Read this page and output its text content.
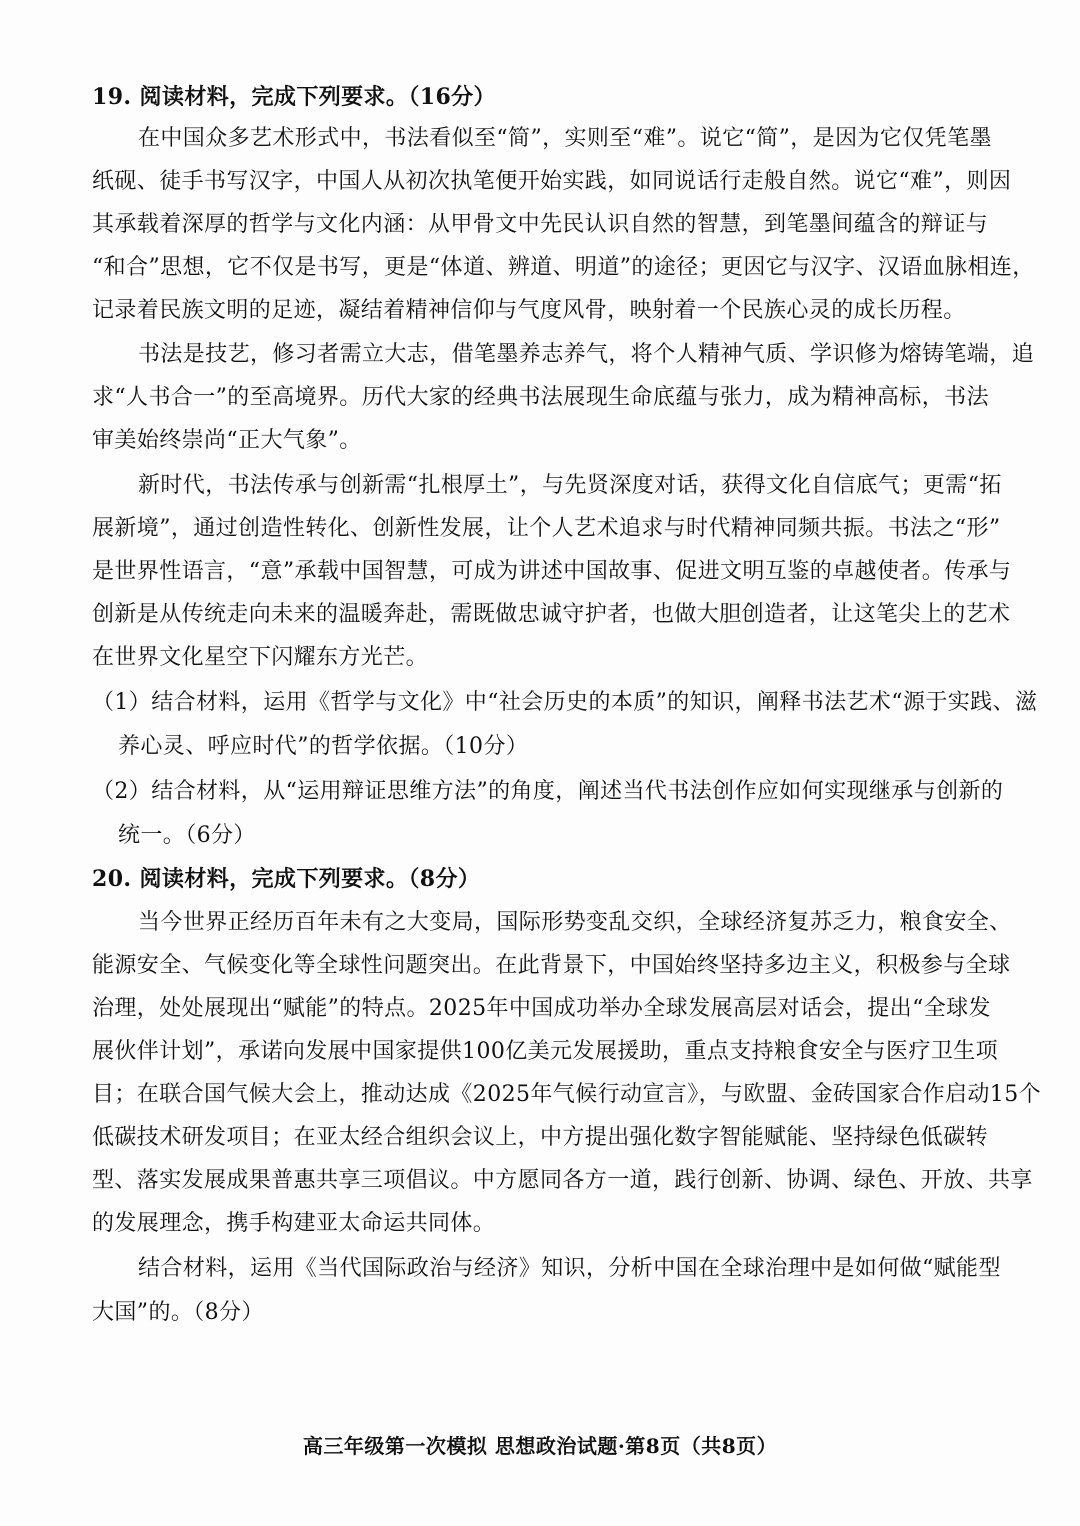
19. 阅读材料，完成下列要求。（16分）
在中国众多艺术形式中，书法看似至“简”，实则至“难”。说它“简”，是因为它仅凭笔墨
纸砚、徒手书写汉字，中国人从初次执笔便开始实践，如同说话行走般自然。说它“难”，则因
其承载着深厚的哲学与文化内涵：从甲骨文中先民认识自然的智慧，到笔墨间蕴含的辩证与
“和合”思想，它不仅是书写，更是“体道、辨道、明道”的途径；更因它与汉字、汉语血脉相连，
记录着民族文明的足迹，凝结着精神信仰与气度风骨，映射着一个民族心灵的成长历程。
书法是技艺，修习者需立大志，借笔墨养志养气，将个人精神气质、学识修为熔铸笔端，追
求“人书合一”的至高境界。历代大家的经典书法展现生命底蕴与张力，成为精神高标，书法
审美始终崇尚“正大气象”。
新时代，书法传承与创新需“扎根厚土”，与先贤深度对话，获得文化自信底气；更需“拓
展新境”，通过创造性转化、创新性发展，让个人艺术追求与时代精神同频共振。书法之“形”
是世界性语言，“意”承载中国智慧，可成为讲述中国故事、促进文明互鉴的卓越使者。传承与
创新是从传统走向未来的温暖奔赴，需既做忠诚守护者，也做大胆创造者，让这笔尖上的艺术
在世界文化星空下闪耀东方光芒。
（1）结合材料，运用《哲学与文化》中“社会历史的本质”的知识，阐释书法艺术“源于实践、滋
养心灵、呼应时代”的哲学依据。（10分）
（2）结合材料，从“运用辩证思维方法”的角度，阐述当代书法创作应如何实现继承与创新的
统一。（6分）
20. 阅读材料，完成下列要求。（8分）
当今世界正经历百年未有之大变局，国际形势变乱交织，全球经济复苏乏力，粮食安全、
能源安全、气候变化等全球性问题突出。在此背景下，中国始终坚持多边主义，积极参与全球
治理，处处展现出“赋能”的特点。2025年中国成功举办全球发展高层对话会，提出“全球发
展伙伴计划”，承诺向发展中国家提供100亿美元发展援助，重点支持粮食安全与医疗卫生项
目；在联合国气候大会上，推动达成《2025年气候行动宣言》，与欧盟、金砖国家合作启动15个
低碳技术研发项目；在亚太经合组织会议上，中方提出强化数字智能赋能、坚持绿色低碳转
型、落实发展成果普惠共享三项倡议。中方愿同各方一道，践行创新、协调、绿色、开放、共享
的发展理念，携手构建亚太命运共同体。
结合材料，运用《当代国际政治与经济》知识，分析中国在全球治理中是如何做“赋能型
大国”的。（8分）
高三年级第一次模拟 思想政治试题·第8页（共8页）
